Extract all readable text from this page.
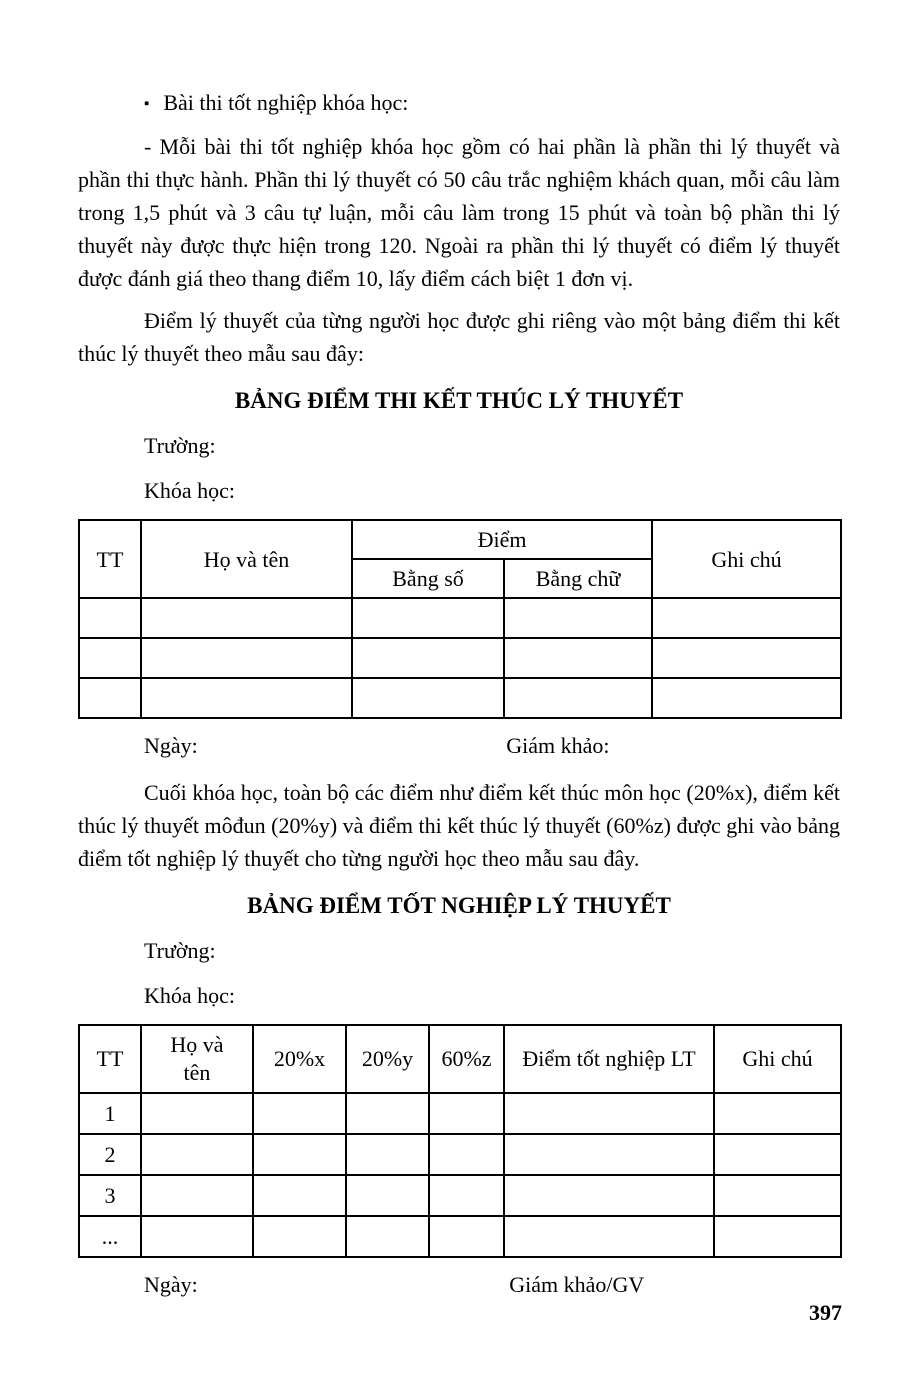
▪ Bài thi tốt nghiệp khóa học:

- Mỗi bài thi tốt nghiệp khóa học gồm có hai phần là phần thi lý thuyết và phần thi thực hành. Phần thi lý thuyết có 50 câu trắc nghiệm khách quan, mỗi câu làm trong 1,5 phút và 3 câu tự luận, mỗi câu làm trong 15 phút và toàn bộ phần thi lý thuyết này được thực hiện trong 120. Ngoài ra phần thi lý thuyết có điểm lý thuyết được đánh giá theo thang điểm 10, lấy điểm cách biệt 1 đơn vị.

Điểm lý thuyết của từng người học được ghi riêng vào một bảng điểm thi kết thúc lý thuyết theo mẫu sau đây:

BẢNG ĐIỂM THI KẾT THÚC LÝ THUYẾT
Trường:
Khóa học:
TT	Họ và tên	Điểm		Ghi chú
		Bằng số	Bằng chữ	

Ngày:	Giám khảo:

Cuối khóa học, toàn bộ các điểm như điểm kết thúc môn học (20%x), điểm kết thúc lý thuyết môđun (20%y) và điểm thi kết thúc lý thuyết (60%z) được ghi vào bảng điểm tốt nghiệp lý thuyết cho từng người học theo mẫu sau đây.

BẢNG ĐIỂM TỐT NGHIỆP LÝ THUYẾT
Trường:
Khóa học:
TT	Họ và tên	20%x	20%y	60%z	Điểm tốt nghiệp LT	Ghi chú
1						
2						
3						
...						
Ngày:	Giám khảo/GV
397
